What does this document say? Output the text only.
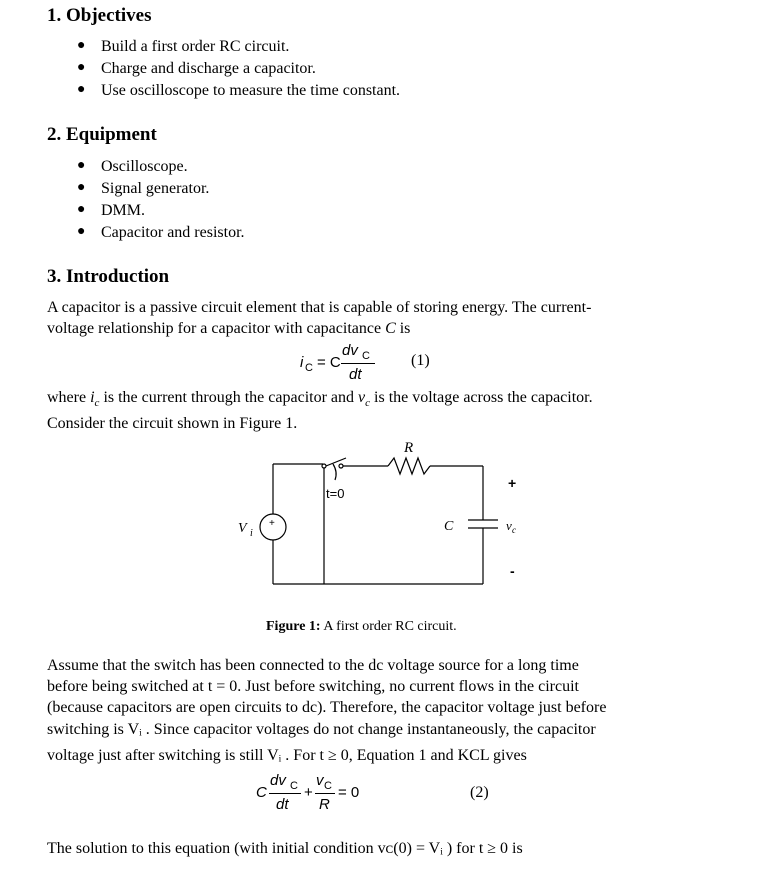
1. Objectives
● Build a first order RC circuit.
● Charge and discharge a capacitor.
● Use oscilloscope to measure the time constant.
2. Equipment
● Oscilloscope.
● Signal generator.
● DMM.
● Capacitor and resistor.
3. Introduction
A capacitor is a passive circuit element that is capable of storing energy. The current-
voltage relationship for a capacitor with capacitance C is
i C = C
dv C
dt
(1)
where $i_c$ is the current through the capacitor and $v_c$ is the voltage across the capacitor.
Consider the circuit shown in Figure 1.
+
R
t=0
V i	C	v c
+
-
Figure 1: A first order RC circuit.
Assume that the switch has been connected to the dc voltage source for a long time
before being switched at t = 0. Just before switching, no current flows in the circuit
(because capacitors are open circuits to dc). Therefore, the capacitor voltage just before
switching is Vᵢ . Since capacitor voltages do not change instantaneously, the capacitor
voltage just after switching is still Vᵢ . For t ≥ 0, Equation 1 and KCL gives
C
dv C
dt
+
v C
R
= 0	(2)
The solution to this equation (with initial condition vᴄ(0) = Vᵢ ) for t ≥ 0 is
